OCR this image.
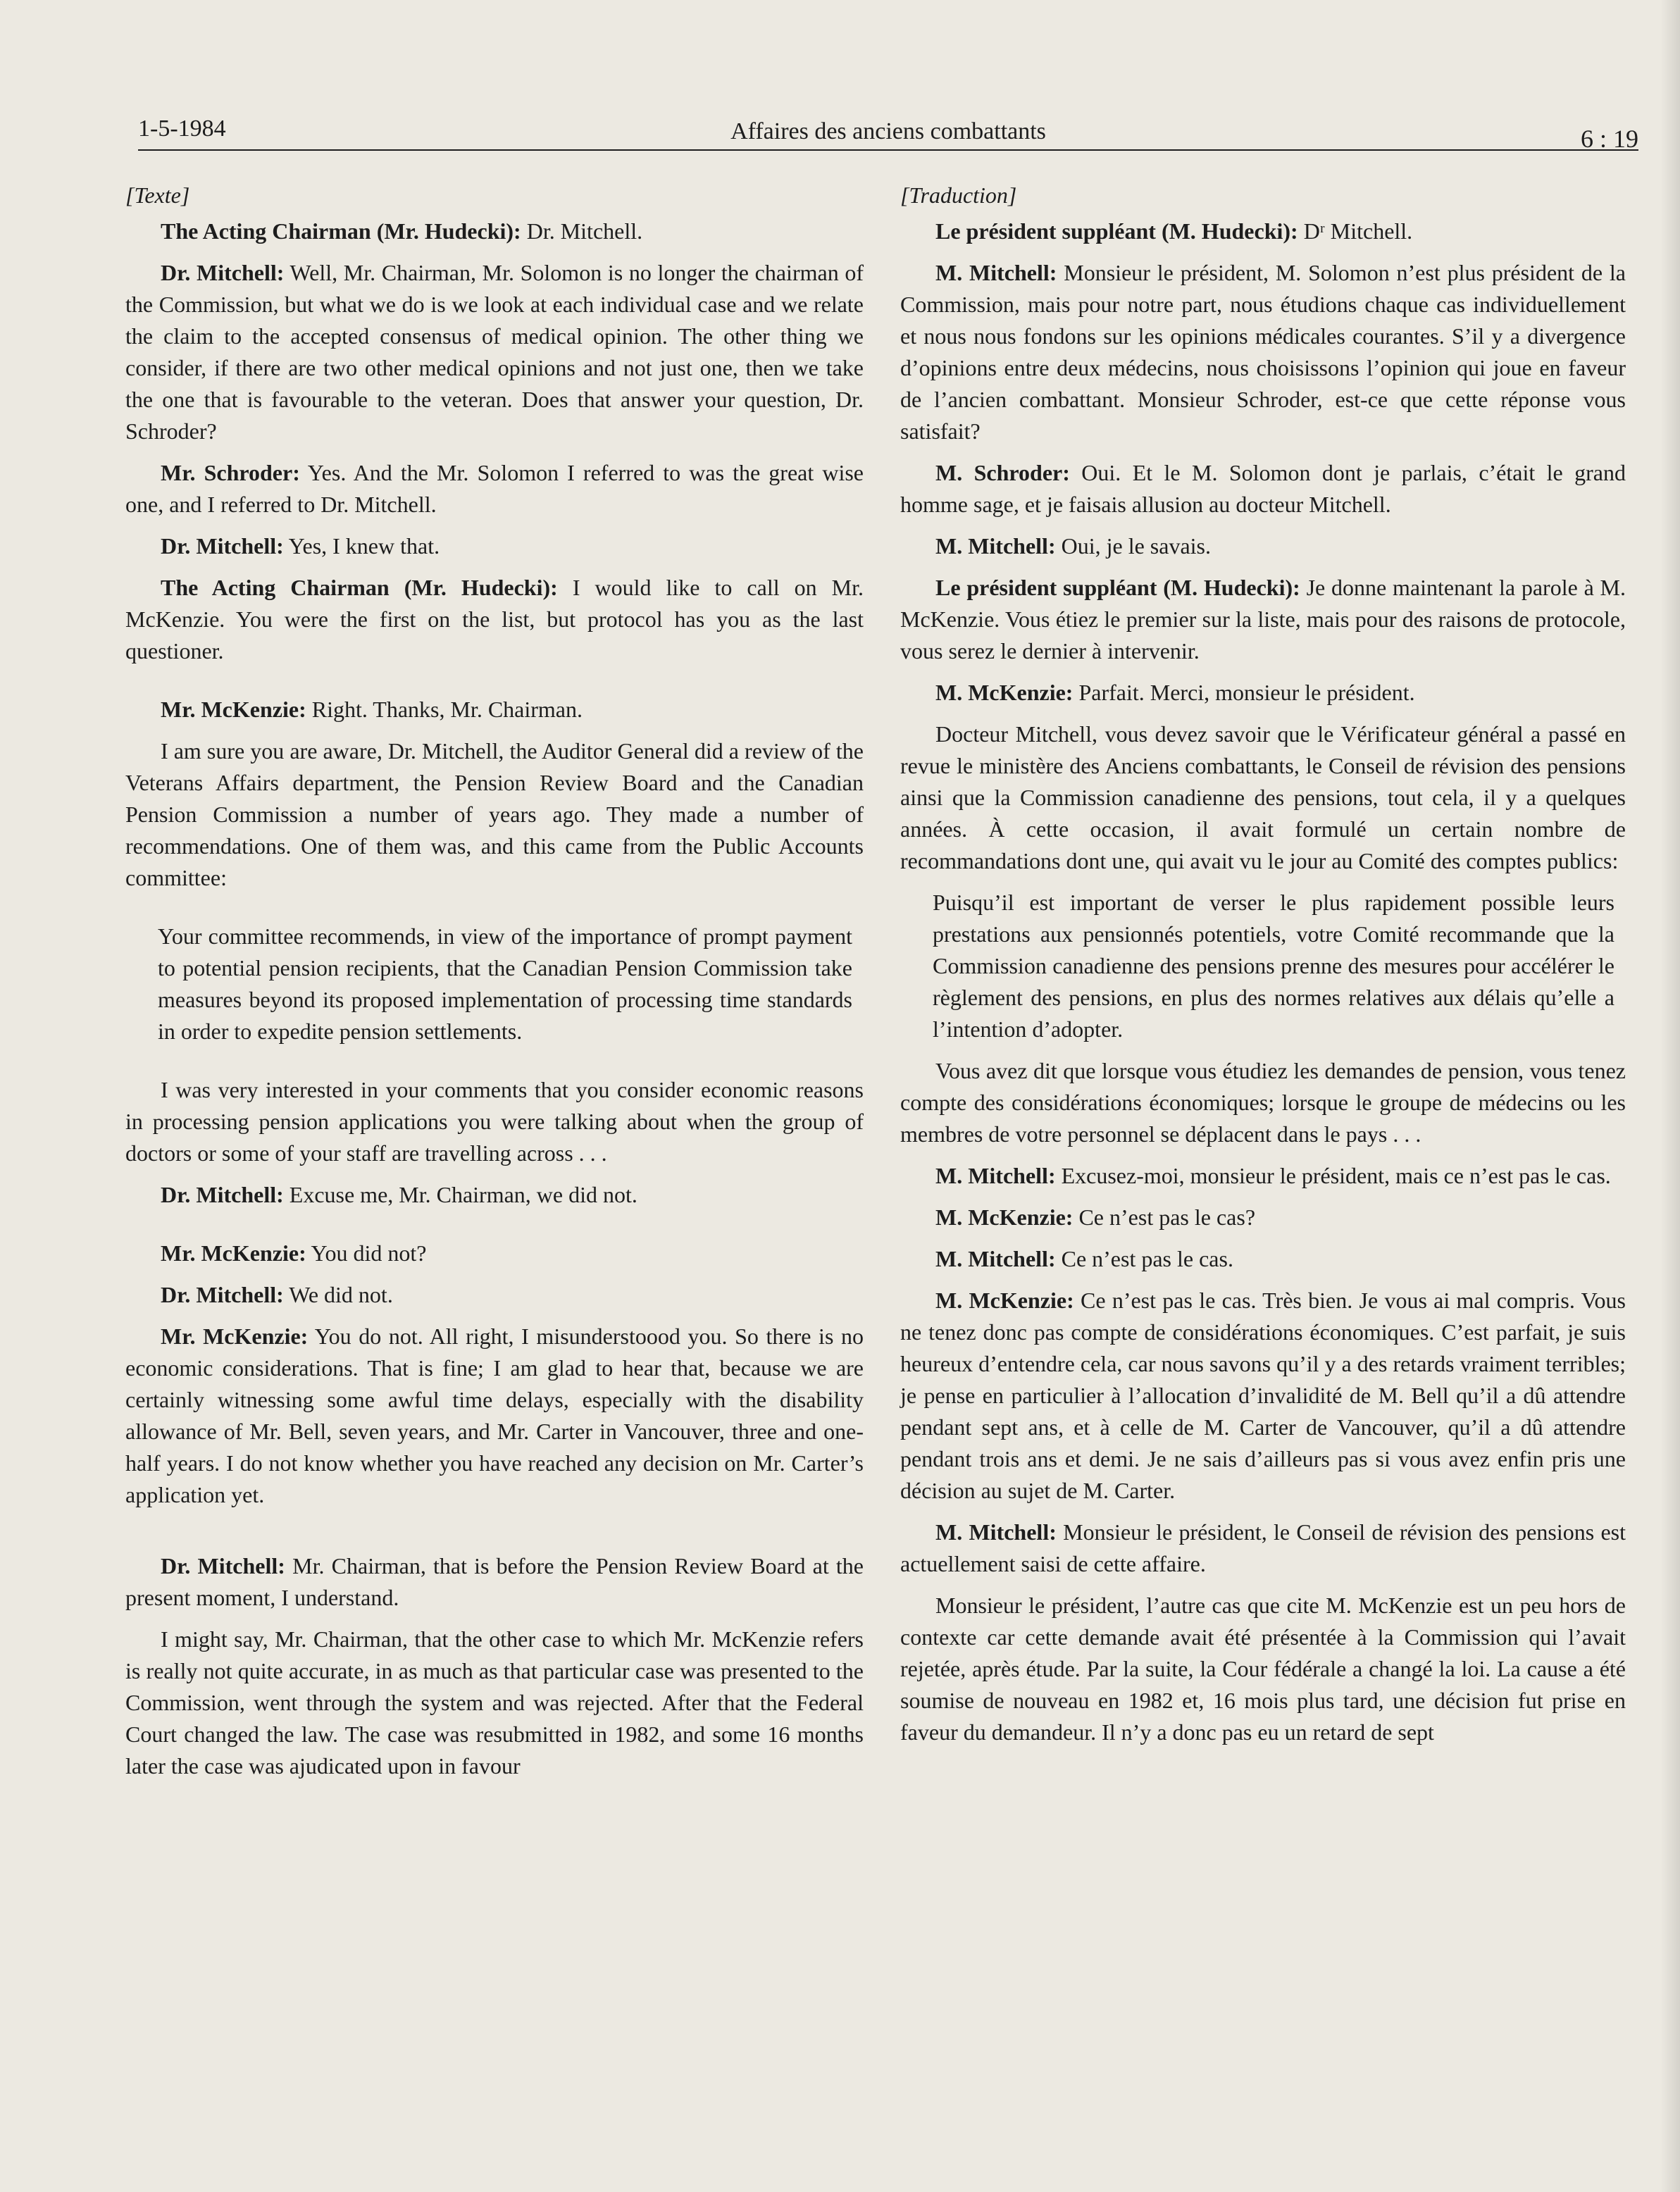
1-5-1984	Affaires des anciens combattants	6 : 19

[Texte]

The Acting Chairman (Mr. Hudecki): Dr. Mitchell.

Dr. Mitchell: Well, Mr. Chairman, Mr. Solomon is no longer the chairman of the Commission, but what we do is we look at each individual case and we relate the claim to the accepted consensus of medical opinion. The other thing we consider, if there are two other medical opinions and not just one, then we take the one that is favourable to the veteran. Does that answer your question, Dr. Schroder?

Mr. Schroder: Yes. And the Mr. Solomon I referred to was the great wise one, and I referred to Dr. Mitchell.

Dr. Mitchell: Yes, I knew that.

The Acting Chairman (Mr. Hudecki): I would like to call on Mr. McKenzie. You were the first on the list, but protocol has you as the last questioner.

Mr. McKenzie: Right. Thanks, Mr. Chairman.

I am sure you are aware, Dr. Mitchell, the Auditor General did a review of the Veterans Affairs department, the Pension Review Board and the Canadian Pension Commission a number of years ago. They made a number of recommendations. One of them was, and this came from the Public Accounts committee:

Your committee recommends, in view of the importance of prompt payment to potential pension recipients, that the Canadian Pension Commission take measures beyond its proposed implementation of processing time standards in order to expedite pension settlements.

I was very interested in your comments that you consider economic reasons in processing pension applications you were talking about when the group of doctors or some of your staff are travelling across . . .

Dr. Mitchell: Excuse me, Mr. Chairman, we did not.

Mr. McKenzie: You did not?

Dr. Mitchell: We did not.

Mr. McKenzie: You do not. All right, I misunderstoood you. So there is no economic considerations. That is fine; I am glad to hear that, because we are certainly witnessing some awful time delays, especially with the disability allowance of Mr. Bell, seven years, and Mr. Carter in Vancouver, three and one-half years. I do not know whether you have reached any decision on Mr. Carter’s application yet.

Dr. Mitchell: Mr. Chairman, that is before the Pension Review Board at the present moment, I understand.

I might say, Mr. Chairman, that the other case to which Mr. McKenzie refers is really not quite accurate, in as much as that particular case was presented to the Commission, went through the system and was rejected. After that the Federal Court changed the law. The case was resubmitted in 1982, and some 16 months later the case was ajudicated upon in favour

[Traduction]

Le président suppléant (M. Hudecki): Dʳ Mitchell.

M. Mitchell: Monsieur le président, M. Solomon n’est plus président de la Commission, mais pour notre part, nous étudions chaque cas individuellement et nous nous fondons sur les opinions médicales courantes. S’il y a divergence d’opinions entre deux médecins, nous choisissons l’opinion qui joue en faveur de l’ancien combattant. Monsieur Schroder, est-ce que cette réponse vous satisfait?

M. Schroder: Oui. Et le M. Solomon dont je parlais, c’était le grand homme sage, et je faisais allusion au docteur Mitchell.

M. Mitchell: Oui, je le savais.

Le président suppléant (M. Hudecki): Je donne maintenant la parole à M. McKenzie. Vous étiez le premier sur la liste, mais pour des raisons de protocole, vous serez le dernier à intervenir.

M. McKenzie: Parfait. Merci, monsieur le président.

Docteur Mitchell, vous devez savoir que le Vérificateur général a passé en revue le ministère des Anciens combattants, le Conseil de révision des pensions ainsi que la Commission canadienne des pensions, tout cela, il y a quelques années. À cette occasion, il avait formulé un certain nombre de recommandations dont une, qui avait vu le jour au Comité des comptes publics:

Puisqu’il est important de verser le plus rapidement possible leurs prestations aux pensionnés potentiels, votre Comité recommande que la Commission canadienne des pensions prenne des mesures pour accélérer le règlement des pensions, en plus des normes relatives aux délais qu’elle a l’intention d’adopter.

Vous avez dit que lorsque vous étudiez les demandes de pension, vous tenez compte des considérations économiques; lorsque le groupe de médecins ou les membres de votre personnel se déplacent dans le pays . . .

M. Mitchell: Excusez-moi, monsieur le président, mais ce n’est pas le cas.

M. McKenzie: Ce n’est pas le cas?

M. Mitchell: Ce n’est pas le cas.

M. McKenzie: Ce n’est pas le cas. Très bien. Je vous ai mal compris. Vous ne tenez donc pas compte de considérations économiques. C’est parfait, je suis heureux d’entendre cela, car nous savons qu’il y a des retards vraiment terribles; je pense en particulier à l’allocation d’invalidité de M. Bell qu’il a dû attendre pendant sept ans, et à celle de M. Carter de Vancouver, qu’il a dû attendre pendant trois ans et demi. Je ne sais d’ailleurs pas si vous avez enfin pris une décision au sujet de M. Carter.

M. Mitchell: Monsieur le président, le Conseil de révision des pensions est actuellement saisi de cette affaire.

Monsieur le président, l’autre cas que cite M. McKenzie est un peu hors de contexte car cette demande avait été présentée à la Commission qui l’avait rejetée, après étude. Par la suite, la Cour fédérale a changé la loi. La cause a été soumise de nouveau en 1982 et, 16 mois plus tard, une décision fut prise en faveur du demandeur. Il n’y a donc pas eu un retard de sept
